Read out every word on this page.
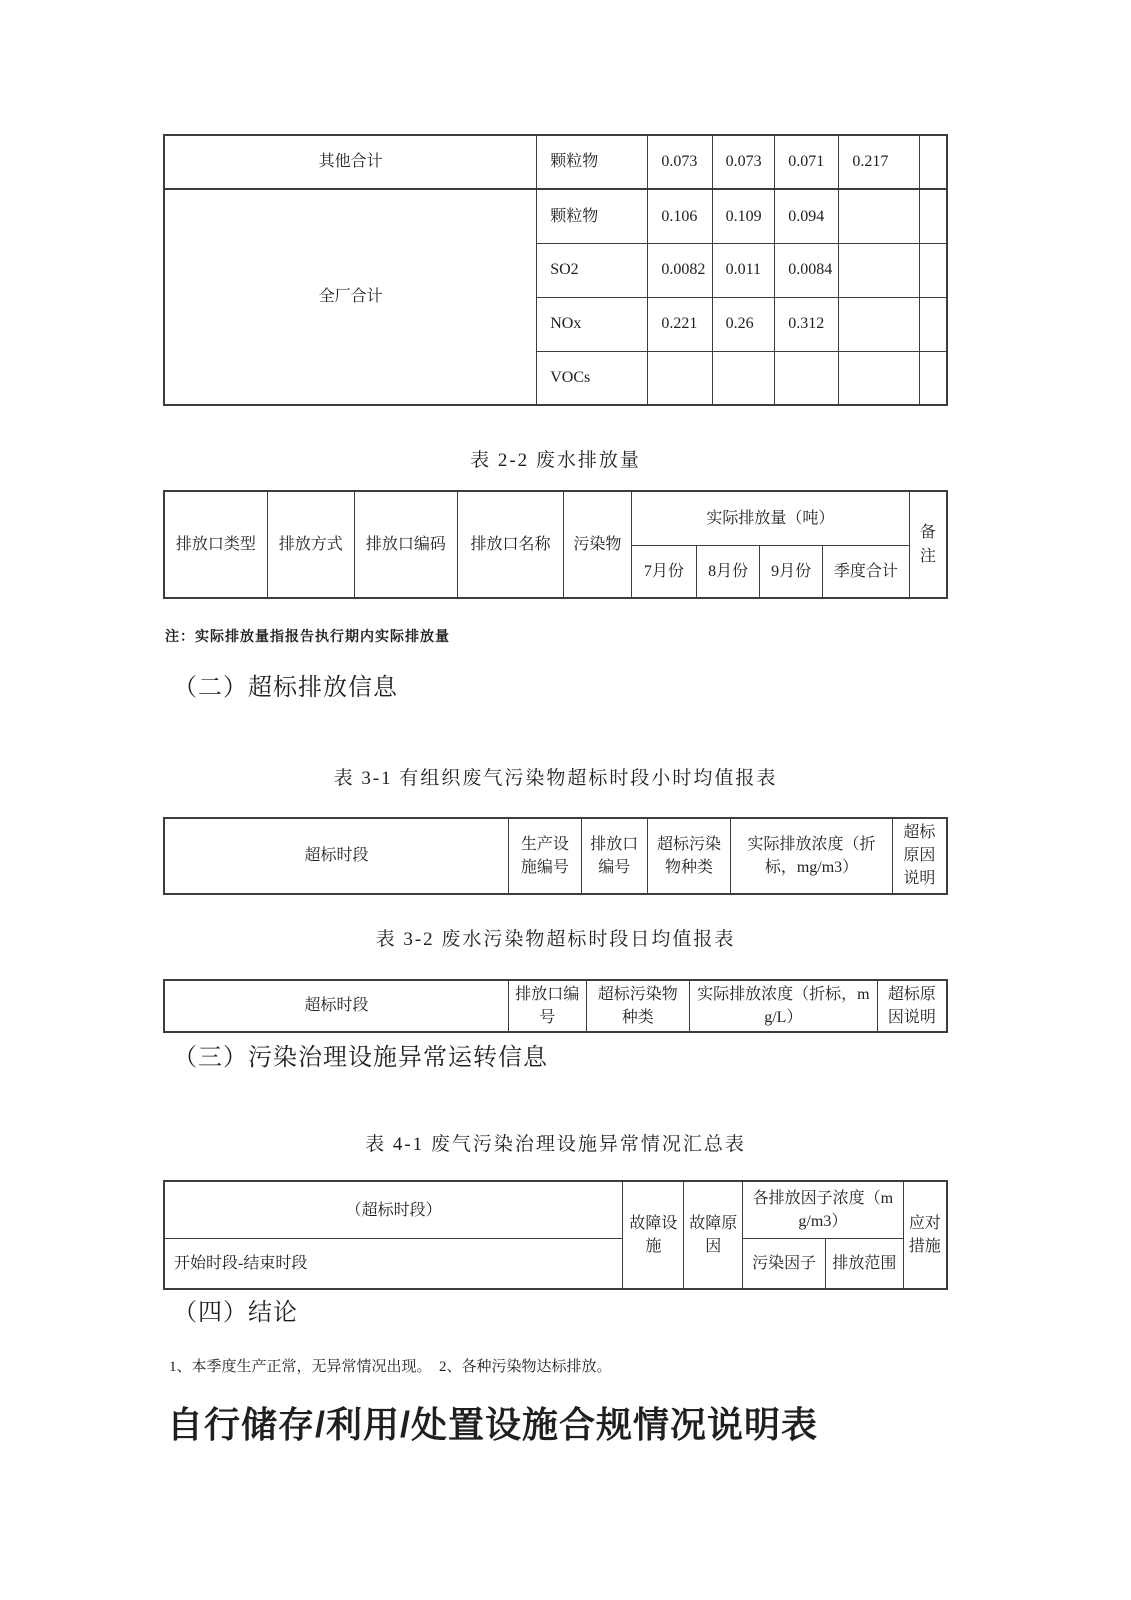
其他合计	颗粒物	0.073	0.073	0.071	0.217	
全厂合计	颗粒物	0.106	0.109	0.094		
	SO2	0.0082	0.011	0.0084		
	NOx	0.221	0.26	0.312		
	VOCs					
表 2-2 废水排放量
排放口类型	排放方式	排放口编码	排放口名称	污染物	实际排放量（吨）				备注
					7月份	8月份	9月份	季度合计	
注：实际排放量指报告执行期内实际排放量
（二）超标排放信息
表 3-1 有组织废气污染物超标时段小时均值报表
超标时段	生产设施编号	排放口编号	超标污染物种类	实际排放浓度（折标，mg/m3）	超标原因说明
表 3-2 废水污染物超标时段日均值报表
超标时段	排放口编号	超标污染物种类	实际排放浓度（折标，mg/L）	超标原因说明
（三）污染治理设施异常运转信息
表 4-1 废气污染治理设施异常情况汇总表
（超标时段）	故障设施	故障原因	各排放因子浓度（mg/m3）		应对措施
开始时段-结束时段			污染因子	排放范围	
（四）结论
1、本季度生产正常，无异常情况出现。　2、各种污染物达标排放。
自行储存/利用/处置设施合规情况说明表
